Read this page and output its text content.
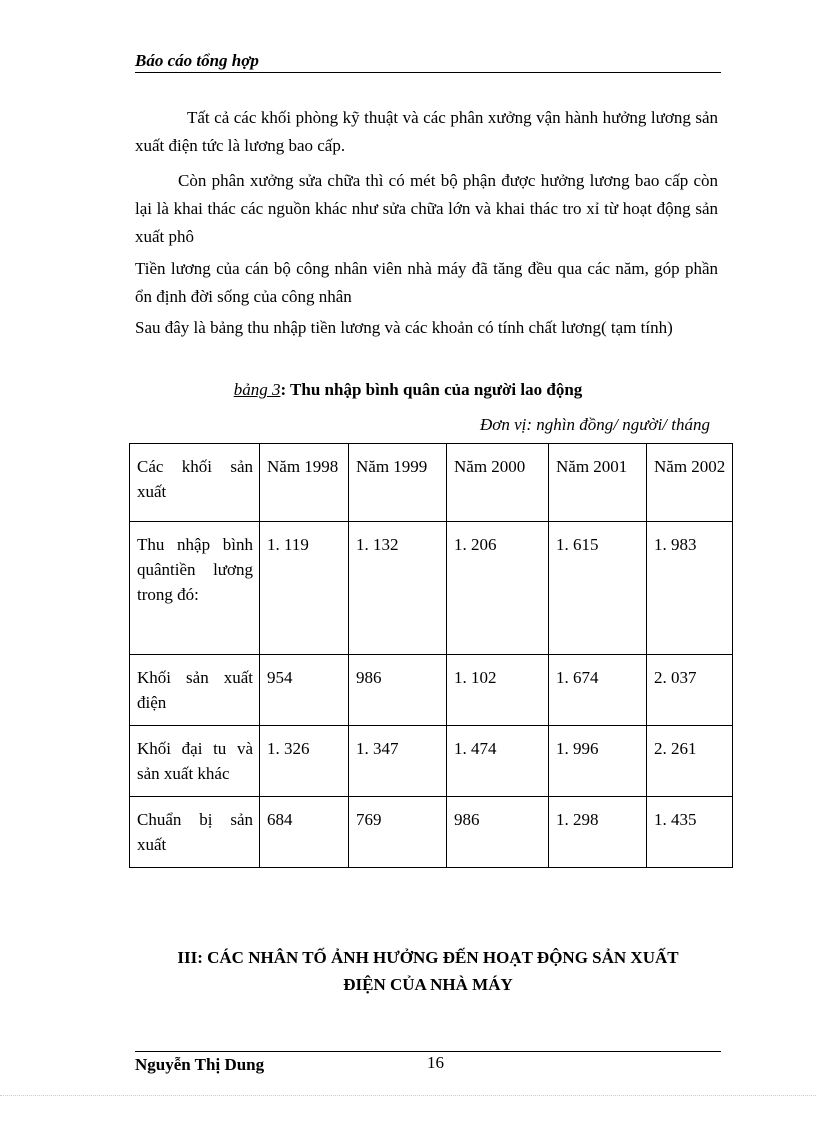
Báo cáo tổng hợp

Tất cả các khối phòng kỹ thuật và các phân xưởng vận hành hưởng lương sản xuất điện tức là lương bao cấp.

Còn phân xưởng sửa chữa thì có mét bộ phận được hưởng lương bao cấp còn lại là khai thác các nguồn khác như sửa chữa lớn và khai thác tro xỉ từ hoạt động sản xuất phô

Tiền lương của cán bộ công nhân viên nhà máy đã tăng đều qua các năm, góp phần ổn định đời sống của công nhân

Sau đây là bảng thu nhập tiền lương và các khoản có tính chất lương( tạm tính)

bảng 3: Thu nhập bình quân của người lao động
Đơn vị: nghìn đồng/ người/ tháng
Các khối sản xuất	Năm 1998	Năm 1999	Năm 2000	Năm 2001	Năm 2002
Thu nhập bình quântiền lương trong đó:	1. 119	1. 132	1. 206	1. 615	1. 983
Khối sản xuất điện	954	986	1. 102	1. 674	2. 037
Khối đại tu và sản xuất khác	1. 326	1. 347	1. 474	1. 996	2. 261
Chuẩn bị sản xuất	684	769	986	1. 298	1. 435
III: CÁC NHÂN TỐ ẢNH HƯỞNG ĐẾN HOẠT ĐỘNG SẢN XUẤT
ĐIỆN CỦA NHÀ MÁY
Nguyễn Thị Dung	16
